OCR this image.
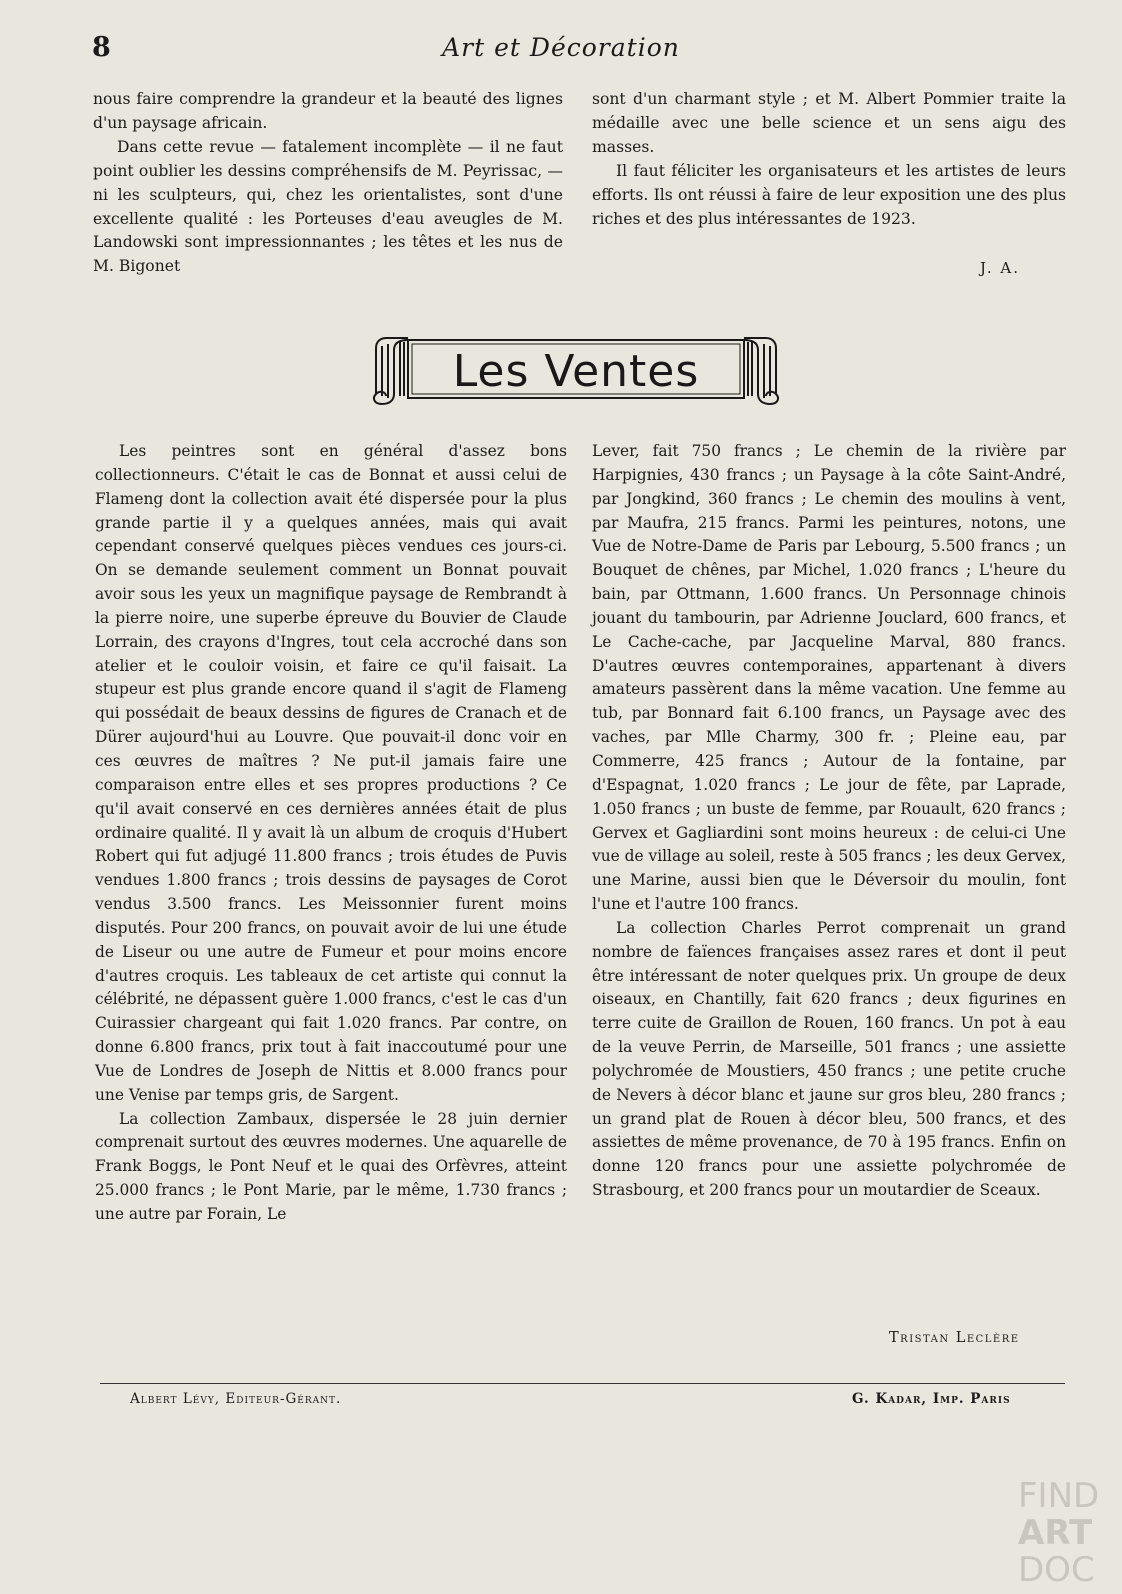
8	Art et Décoration

nous faire comprendre la grandeur et la beauté des lignes d'un paysage africain.

Dans cette revue — fatalement incomplète — il ne faut point oublier les dessins compréhensifs de M. Peyrissac, — ni les sculpteurs, qui, chez les orientalistes, sont d'une excellente qualité : les Porteuses d'eau aveugles de M. Landowski sont impressionnantes ; les têtes et les nus de M. Bigonet

sont d'un charmant style ; et M. Albert Pommier traite la médaille avec une belle science et un sens aigu des masses.

Il faut féliciter les organisateurs et les artistes de leurs efforts. Ils ont réussi à faire de leur exposition une des plus riches et des plus intéressantes de 1923.

J. A.
Les Ventes

Les peintres sont en général d'assez bons collectionneurs. C'était le cas de Bonnat et aussi celui de Flameng dont la collection avait été dispersée pour la plus grande partie il y a quelques années, mais qui avait cependant conservé quelques pièces vendues ces jours-ci. On se demande seulement comment un Bonnat pouvait avoir sous les yeux un magnifique paysage de Rembrandt à la pierre noire, une superbe épreuve du Bouvier de Claude Lorrain, des crayons d'Ingres, tout cela accroché dans son atelier et le couloir voisin, et faire ce qu'il faisait. La stupeur est plus grande encore quand il s'agit de Flameng qui possédait de beaux dessins de figures de Cranach et de Dürer aujourd'hui au Louvre. Que pouvait-il donc voir en ces œuvres de maîtres ? Ne put-il jamais faire une comparaison entre elles et ses propres productions ? Ce qu'il avait conservé en ces dernières années était de plus ordinaire qualité. Il y avait là un album de croquis d'Hubert Robert qui fut adjugé 11.800 francs ; trois études de Puvis vendues 1.800 francs ; trois dessins de paysages de Corot vendus 3.500 francs. Les Meissonnier furent moins disputés. Pour 200 francs, on pouvait avoir de lui une étude de Liseur ou une autre de Fumeur et pour moins encore d'autres croquis. Les tableaux de cet artiste qui connut la célébrité, ne dépassent guère 1.000 francs, c'est le cas d'un Cuirassier chargeant qui fait 1.020 francs. Par contre, on donne 6.800 francs, prix tout à fait inaccoutumé pour une Vue de Londres de Joseph de Nittis et 8.000 francs pour une Venise par temps gris, de Sargent.

La collection Zambaux, dispersée le 28 juin dernier comprenait surtout des œuvres modernes. Une aquarelle de Frank Boggs, le Pont Neuf et le quai des Orfèvres, atteint 25.000 francs ; le Pont Marie, par le même, 1.730 francs ; une autre par Forain, Le

Lever, fait 750 francs ; Le chemin de la rivière par Harpignies, 430 francs ; un Paysage à la côte Saint-André, par Jongkind, 360 francs ; Le chemin des moulins à vent, par Maufra, 215 francs. Parmi les peintures, notons, une Vue de Notre-Dame de Paris par Lebourg, 5.500 francs ; un Bouquet de chênes, par Michel, 1.020 francs ; L'heure du bain, par Ottmann, 1.600 francs. Un Personnage chinois jouant du tambourin, par Adrienne Jouclard, 600 francs, et Le Cache-cache, par Jacqueline Marval, 880 francs. D'autres œuvres contemporaines, appartenant à divers amateurs passèrent dans la même vacation. Une femme au tub, par Bonnard fait 6.100 francs, un Paysage avec des vaches, par Mlle Charmy, 300 fr. ; Pleine eau, par Commerre, 425 francs ; Autour de la fontaine, par d'Espagnat, 1.020 francs ; Le jour de fête, par Laprade, 1.050 francs ; un buste de femme, par Rouault, 620 francs ; Gervex et Gagliardini sont moins heureux : de celui-ci Une vue de village au soleil, reste à 505 francs ; les deux Gervex, une Marine, aussi bien que le Déversoir du moulin, font l'une et l'autre 100 francs.

La collection Charles Perrot comprenait un grand nombre de faïences françaises assez rares et dont il peut être intéressant de noter quelques prix. Un groupe de deux oiseaux, en Chantilly, fait 620 francs ; deux figurines en terre cuite de Graillon de Rouen, 160 francs. Un pot à eau de la veuve Perrin, de Marseille, 501 francs ; une assiette polychromée de Moustiers, 450 francs ; une petite cruche de Nevers à décor blanc et jaune sur gros bleu, 280 francs ; un grand plat de Rouen à décor bleu, 500 francs, et des assiettes de même provenance, de 70 à 195 francs. Enfin on donne 120 francs pour une assiette polychromée de Strasbourg, et 200 francs pour un moutardier de Sceaux.

Tristan Leclère
Albert Lévy, Editeur-Gérant.	G. Kadar, Imp. Paris
FIND
ART
DOC
